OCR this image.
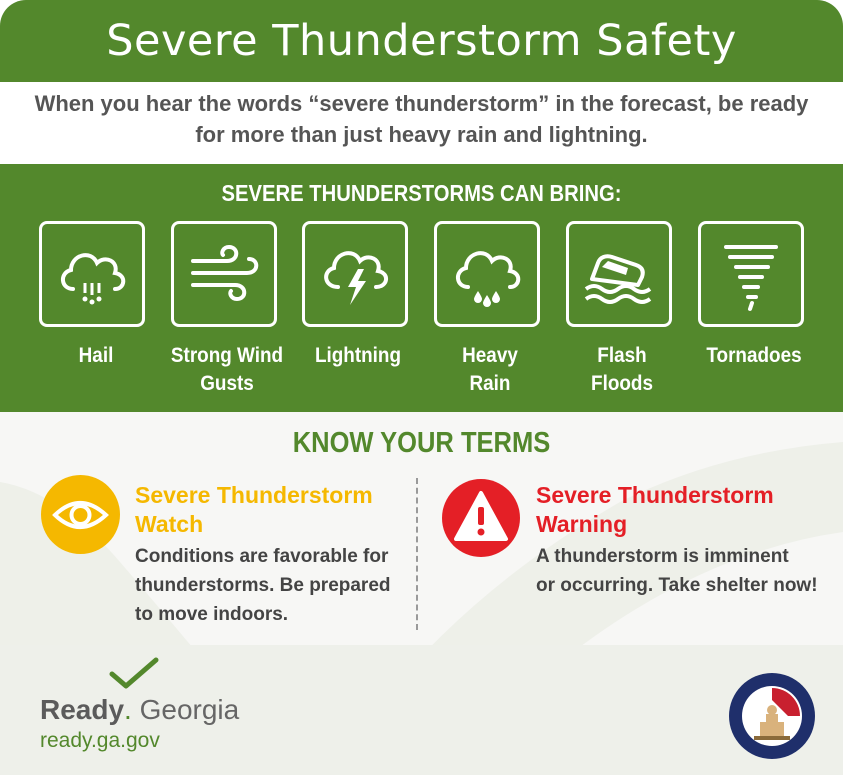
Severe Thunderstorm Safety
When you hear the words “severe thunderstorm” in the forecast, be ready
for more than just heavy rain and lightning.
SEVERE THUNDERSTORMS CAN BRING:
Hail	Strong Wind
Gusts
Lightning	Heavy
Rain
Flash
Floods
Tornadoes
KNOW YOUR TERMS
Severe Thunderstorm
Watch
Conditions are favorable for
thunderstorms. Be prepared
to move indoors.
Severe Thunderstorm
Warning
A thunderstorm is imminent
or occurring. Take shelter now!
Ready. Georgia
ready.ga.gov
